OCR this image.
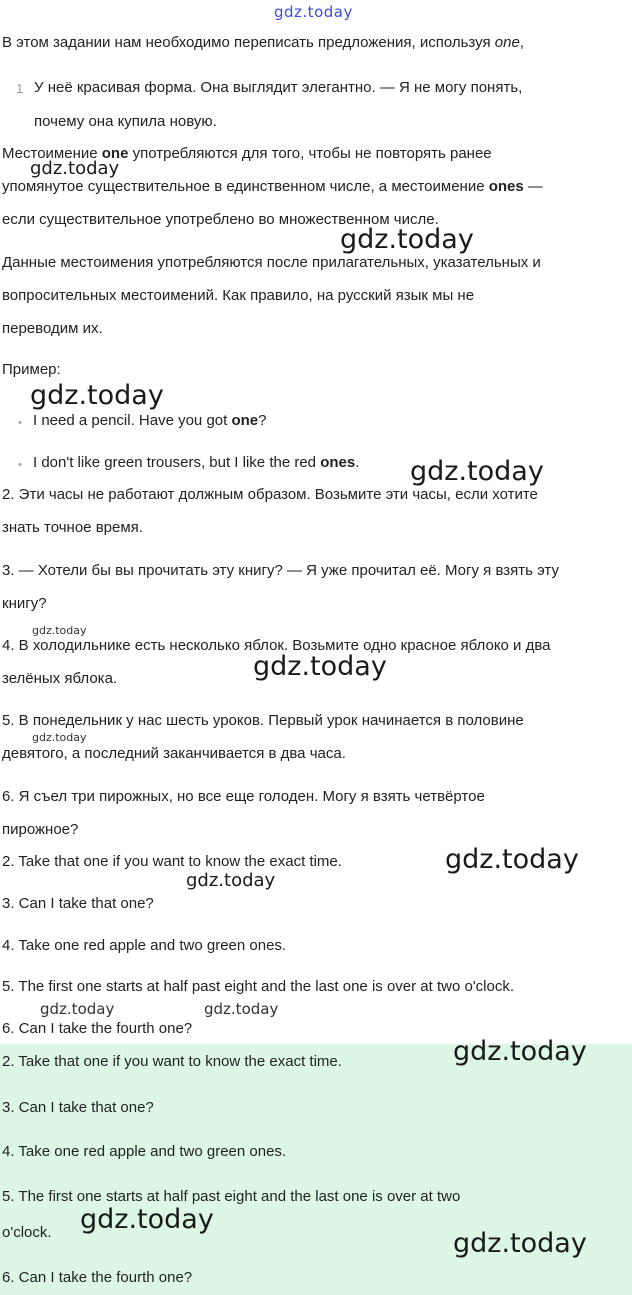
gdz.today
В этом задании нам необходимо переписать предложения, используя one,
1 У неё красивая форма. Она выглядит элегантно. — Я не могу понять,
почему она купила новую.
Местоимение one употребляются для того, чтобы не повторять ранее
gdz.today
упомянутое существительное в единственном числе, а местоимение ones —
если существительное употреблено во множественном числе.
gdz.today
Данные местоимения употребляются после прилагательных, указательных и
вопросительных местоимений. Как правило, на русский язык мы не
переводим их.
Пример:
gdz.today
• I need a pencil. Have you got one?
• I don't like green trousers, but I like the red ones. gdz.today
2. Эти часы не работают должным образом. Возьмите эти часы, если хотите
знать точное время.
3. — Хотели бы вы прочитать эту книгу? — Я уже прочитал её. Могу я взять эту
книгу?
gdz.today
4. В холодильнике есть несколько яблок. Возьмите одно красное яблоко и два
gdz.today
зелёных яблока.
5. В понедельник у нас шесть уроков. Первый урок начинается в половине
gdz.today
девятого, а последний заканчивается в два часа.
6. Я съел три пирожных, но все еще голоден. Могу я взять четвёртое
пирожное?
2. Take that one if you want to know the exact time.	gdz.today
gdz.today
3. Can I take that one?
4. Take one red apple and two green ones.
5. The first one starts at half past eight and the last one is over at two o'clock.
gdz.today	gdz.today
6. Can I take the fourth one?
2. Take that one if you want to know the exact time.	gdz.today
3. Can I take that one?
4. Take one red apple and two green ones.
5. The first one starts at half past eight and the last one is over at two
o'clock. gdz.today
gdz.today
6. Can I take the fourth one?
